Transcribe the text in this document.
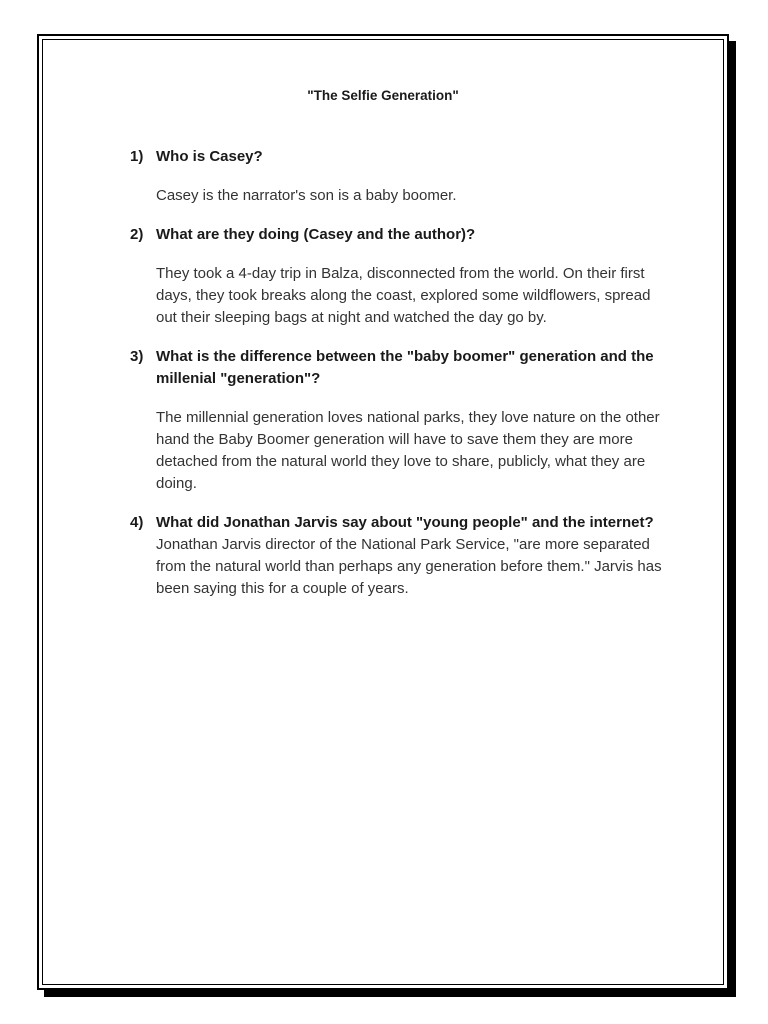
"The Selfie Generation"
1) Who is Casey?

Casey is the narrator's son is a baby boomer.

2) What are they doing (Casey and the author)?

They took a 4-day trip in Balza, disconnected from the world. On their first days, they took breaks along the coast, explored some wildflowers, spread out their sleeping bags at night and watched the day go by.

3) What is the difference between the "baby boomer" generation and the millenial "generation"?

The millennial generation loves national parks, they love nature on the other hand the Baby Boomer generation will have to save them they are more detached from the natural world they love to share, publicly, what they are doing.

4) What did Jonathan Jarvis say about "young people" and the internet?

Jonathan Jarvis director of the National Park Service, "are more separated from the natural world than perhaps any generation before them." Jarvis has been saying this for a couple of years.
